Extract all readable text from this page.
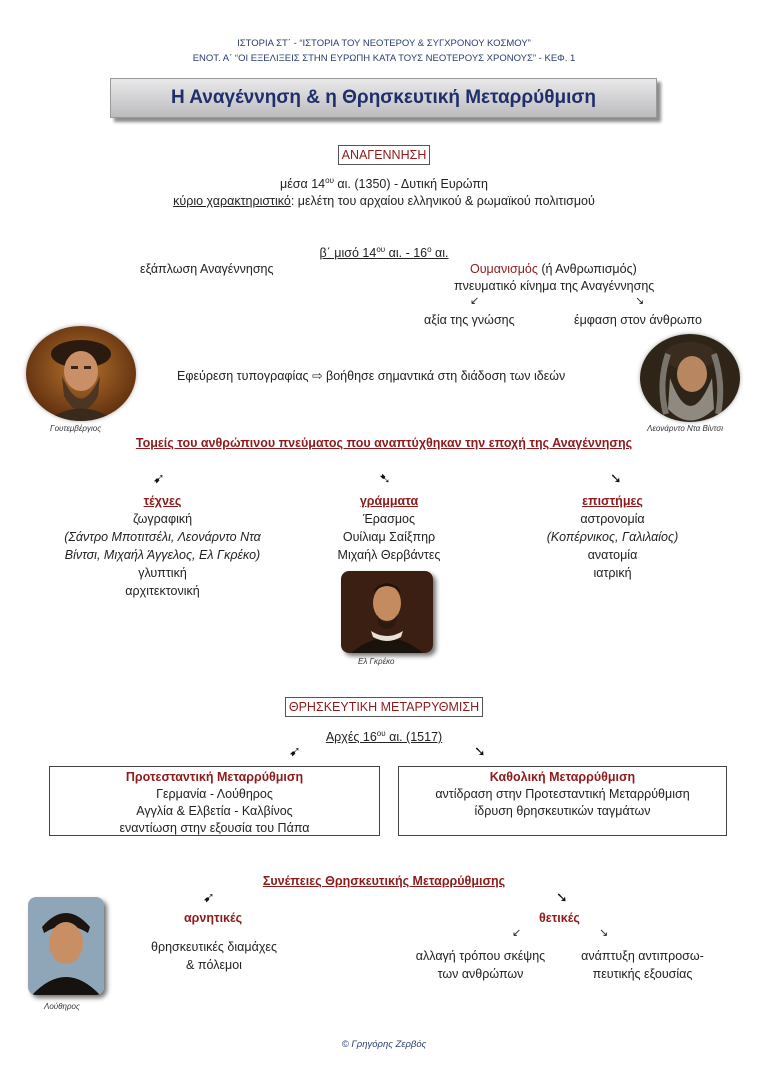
ΙΣΤΟΡΙΑ ΣΤ΄ - “ΙΣΤΟΡΙΑ ΤΟΥ ΝΕΟΤΕΡΟΥ & ΣΥΓΧΡΟΝΟΥ ΚΟΣΜΟΥ”
ΕΝΟΤ. Α΄ “ΟΙ ΕΞΕΛΙΞΕΙΣ ΣΤΗΝ ΕΥΡΩΠΗ ΚΑΤΑ ΤΟΥΣ ΝΕΟΤΕΡΟΥΣ ΧΡΟΝΟΥΣ” - ΚΕΦ. 1
Η Αναγέννηση & η Θρησκευτική Μεταρρύθμιση
ΑΝΑΓΕΝΝΗΣΗ
μέσα $14^{o\upsilon}$ αι. (1350) - Δυτική Ευρώπη
κύριο χαρακτηριστικό: μελέτη του αρχαίου ελληνικού & ρωμαϊκού πολιτισμού
β΄ μισό $14^{o\upsilon}$ αι. - $16^o$ αι.
εξάπλωση Αναγέννησης	Ουμανισμός (ή Ανθρωπισμός)
πνευματικό κίνημα της Αναγέννησης
↙	↘
αξία της γνώσης	έμφαση στον άνθρωπο
Γουτεμβέργιος	Λεονάρντο Ντα Βίντσι
Εφεύρεση τυπογραφίας ⇨ βοήθησε σημαντικά στη διάδοση των ιδεών
Τομείς του ανθρώπινου πνεύματος που αναπτύχθηκαν την εποχή της Αναγέννησης
➹	➷	➘
τέχνες
ζωγραφική
(Σάντρο Μποτιτσέλι, Λεονάρντο Ντα
Βίντσι, Μιχαήλ Άγγελος, Ελ Γκρέκο)
γλυπτική
αρχιτεκτονική
γράμματα
Έρασμος
Ουίλιαμ Σαίξπηρ
Μιχαήλ Θερβάντες
επιστήμες
αστρονομία
(Κοπέρνικος, Γαλιλαίος)
ανατομία
ιατρική
Ελ Γκρέκο
ΘΡΗΣΚΕΥΤΙΚΗ ΜΕΤΑΡΡΥΘΜΙΣΗ
Αρχές $16^{o\upsilon}$ αι. (1517)
➹	➘
Προτεσταντική Μεταρρύθμιση
Γερμανία - Λούθηρος
Αγγλία & Ελβετία - Καλβίνος
εναντίωση στην εξουσία του Πάπα
Καθολική Μεταρρύθμιση
αντίδραση στην Προτεσταντική Μεταρρύθμιση
ίδρυση θρησκευτικών ταγμάτων
Συνέπειες Θρησκευτικής Μεταρρύθμισης
➹	➘
Λούθηρος
αρνητικές
θρησκευτικές διαμάχες
& πόλεμοι
θετικές
↙	↘
αλλαγή τρόπου σκέψης
των ανθρώπων
ανάπτυξη αντιπροσω-
πευτικής εξουσίας
© Γρηγόρης Ζερβός
